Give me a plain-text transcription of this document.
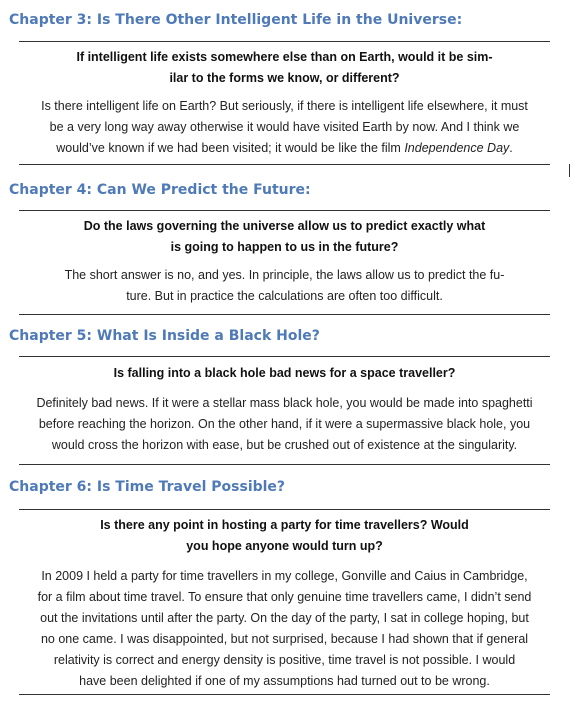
Chapter 3: Is There Other Intelligent Life in the Universe:

If intelligent life exists somewhere else than on Earth, would it be sim-
ilar to the forms we know, or different?

Is there intelligent life on Earth? But seriously, if there is intelligent life elsewhere, it must
be a very long way away otherwise it would have visited Earth by now. And I think we
would’ve known if we had been visited; it would be like the film Independence Day.

Chapter 4: Can We Predict the Future:

Do the laws governing the universe allow us to predict exactly what
is going to happen to us in the future?

The short answer is no, and yes. In principle, the laws allow us to predict the fu-
ture. But in practice the calculations are often too difficult.

Chapter 5: What Is Inside a Black Hole?

Is falling into a black hole bad news for a space traveller?

Definitely bad news. If it were a stellar mass black hole, you would be made into spaghetti
before reaching the horizon. On the other hand, if it were a supermassive black hole, you
would cross the horizon with ease, but be crushed out of existence at the singularity.

Chapter 6: Is Time Travel Possible?

Is there any point in hosting a party for time travellers? Would
you hope anyone would turn up?

In 2009 I held a party for time travellers in my college, Gonville and Caius in Cambridge,
for a film about time travel. To ensure that only genuine time travellers came, I didn’t send
out the invitations until after the party. On the day of the party, I sat in college hoping, but
no one came. I was disappointed, but not surprised, because I had shown that if general
relativity is correct and energy density is positive, time travel is not possible. I would
have been delighted if one of my assumptions had turned out to be wrong.
